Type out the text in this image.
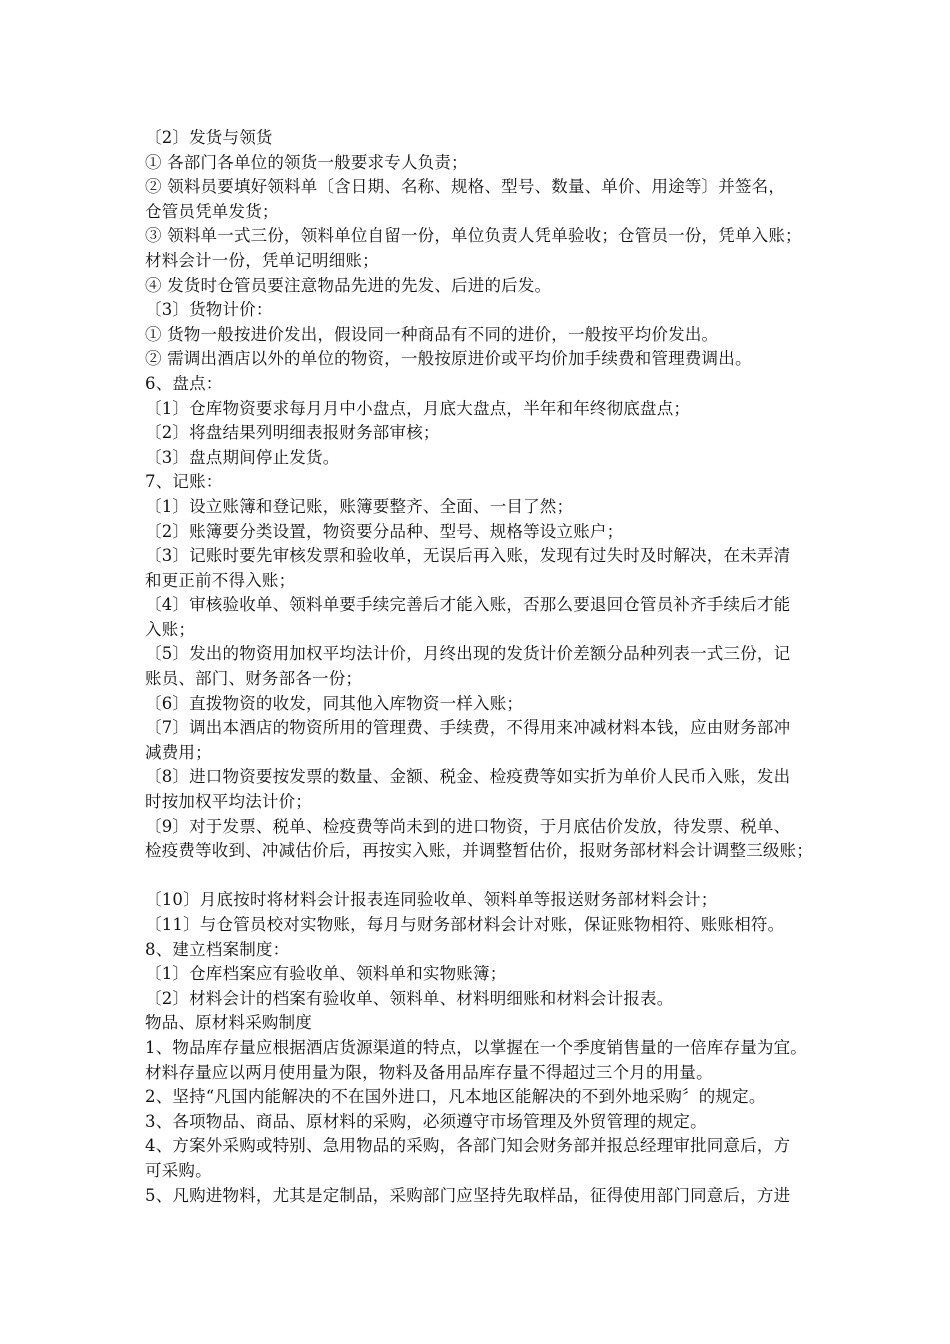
〔2〕发货与领货
① 各部门各单位的领货一般要求专人负责；
② 领料员要填好领料单〔含日期、名称、规格、型号、数量、单价、用途等〕并签名，
仓管员凭单发货；
③ 领料单一式三份，领料单位自留一份，单位负责人凭单验收；仓管员一份，凭单入账；
材料会计一份，凭单记明细账；
④ 发货时仓管员要注意物品先进的先发、后进的后发。
〔3〕货物计价：
① 货物一般按进价发出，假设同一种商品有不同的进价，一般按平均价发出。
② 需调出酒店以外的单位的物资，一般按原进价或平均价加手续费和管理费调出。
6、盘点：
〔1〕仓库物资要求每月月中小盘点，月底大盘点，半年和年终彻底盘点；
〔2〕将盘结果列明细表报财务部审核；
〔3〕盘点期间停止发货。
7、记账：
〔1〕设立账簿和登记账，账簿要整齐、全面、一目了然；
〔2〕账簿要分类设置，物资要分品种、型号、规格等设立账户；
〔3〕记账时要先审核发票和验收单，无误后再入账，发现有过失时及时解决，在未弄清
和更正前不得入账；
〔4〕审核验收单、领料单要手续完善后才能入账，否那么要退回仓管员补齐手续后才能
入账；
〔5〕发出的物资用加权平均法计价，月终出现的发货计价差额分品种列表一式三份，记
账员、部门、财务部各一份；
〔6〕直拨物资的收发，同其他入库物资一样入账；
〔7〕调出本酒店的物资所用的管理费、手续费，不得用来冲减材料本钱，应由财务部冲
减费用；
〔8〕进口物资要按发票的数量、金额、税金、检疫费等如实折为单价人民币入账，发出
时按加权平均法计价；
〔9〕对于发票、税单、检疫费等尚未到的进口物资，于月底估价发放，待发票、税单、
检疫费等收到、冲减估价后，再按实入账，并调整暂估价，报财务部材料会计调整三级账；
〔10〕月底按时将材料会计报表连同验收单、领料单等报送财务部材料会计；
〔11〕与仓管员校对实物账，每月与财务部材料会计对账，保证账物相符、账账相符。
8、建立档案制度：
〔1〕仓库档案应有验收单、领料单和实物账簿；
〔2〕材料会计的档案有验收单、领料单、材料明细账和材料会计报表。
物品、原材料采购制度
1、物品库存量应根据酒店货源渠道的特点，以掌握在一个季度销售量的一倍库存量为宜。
材料存量应以两月使用量为限，物料及备用品库存量不得超过三个月的用量。
2、坚持“凡国内能解决的不在国外进口，凡本地区能解决的不到外地采购〞的规定。
3、各项物品、商品、原材料的采购，必须遵守市场管理及外贸管理的规定。
4、方案外采购或特别、急用物品的采购，各部门知会财务部并报总经理审批同意后，方
可采购。
5、凡购进物料，尤其是定制品，采购部门应坚持先取样品，征得使用部门同意后，方进
